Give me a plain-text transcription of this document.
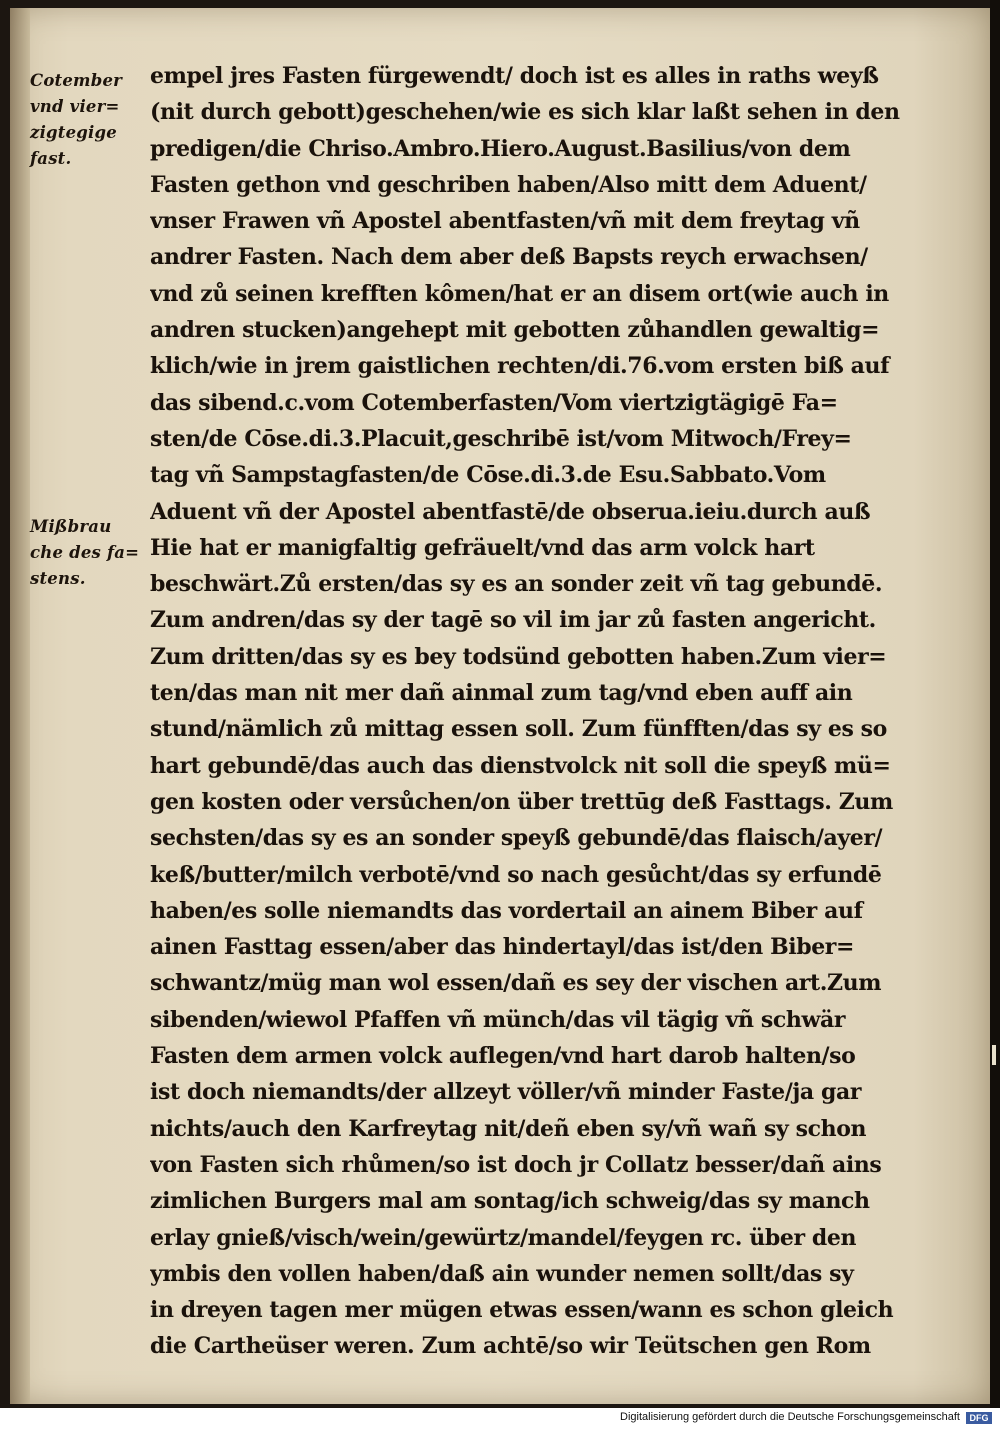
Cotember
vnd vier=
zigtegige
fast.
Mißbrau
che des fa=
stens.
empel jres Fasten fürgewendt/ doch ist es alles in raths weyß
(nit durch gebott)geschehen/wie es sich klar laßt sehen in den
predigen/die Chriso.Ambro.Hiero.August.Basilius/von dem
Fasten gethon vnd geschriben haben/Also mitt dem Aduent/
vnser Frawen vñ Apostel abentfasten/vñ mit dem freytag vñ
andrer Fasten. Nach dem aber deß Bapsts reych erwachsen/
vnd zů seinen krefften kômen/hat er an disem ort(wie auch in
andren stucken)angehept mit gebotten zůhandlen gewaltig=
klich/wie in jrem gaistlichen rechten/di.76.vom ersten biß auf
das sibend.c.vom Cotemberfasten/Vom viertzigtägigē Fa=
sten/de Cōse.di.3.Placuit,geschribē ist/vom Mitwoch/Frey=
tag vñ Sampstagfasten/de Cōse.di.3.de Esu.Sabbato.Vom
Aduent vñ der Apostel abentfastē/de obserua.ieiu.durch auß
Hie hat er manigfaltig gefräuelt/vnd das arm volck hart
beschwärt.Zů ersten/das sy es an sonder zeit vñ tag gebundē.
Zum andren/das sy der tagē so vil im jar zů fasten angericht.
Zum dritten/das sy es bey todsünd gebotten haben.Zum vier=
ten/das man nit mer dañ ainmal zum tag/vnd eben auff ain
stund/nämlich zů mittag essen soll. Zum fünfften/das sy es so
hart gebundē/das auch das dienstvolck nit soll die speyß mü=
gen kosten oder versůchen/on über trettūg deß Fasttags. Zum
sechsten/das sy es an sonder speyß gebundē/das flaisch/ayer/
keß/butter/milch verbotē/vnd so nach gesůcht/das sy erfundē
haben/es solle niemandts das vordertail an ainem Biber auf
ainen Fasttag essen/aber das hindertayl/das ist/den Biber=
schwantz/müg man wol essen/dañ es sey der vischen art.Zum
sibenden/wiewol Pfaffen vñ münch/das vil tägig vñ schwär
Fasten dem armen volck auflegen/vnd hart darob halten/so
ist doch niemandts/der allzeyt völler/vñ minder Faste/ja gar
nichts/auch den Karfreytag nit/deñ eben sy/vñ wañ sy schon
von Fasten sich rhůmen/so ist doch jr Collatz besser/dañ ains
zimlichen Burgers mal am sontag/ich schweig/das sy manch
erlay gnieß/visch/wein/gewürtz/mandel/feygen rc. über den
ymbis den vollen haben/daß ain wunder nemen sollt/das sy
in dreyen tagen mer mügen etwas essen/wann es schon gleich
die Cartheüser weren. Zum achtē/so wir Teütschen gen Rom
Digitalisierung gefördert durch die Deutsche Forschungsgemeinschaft	DFG
